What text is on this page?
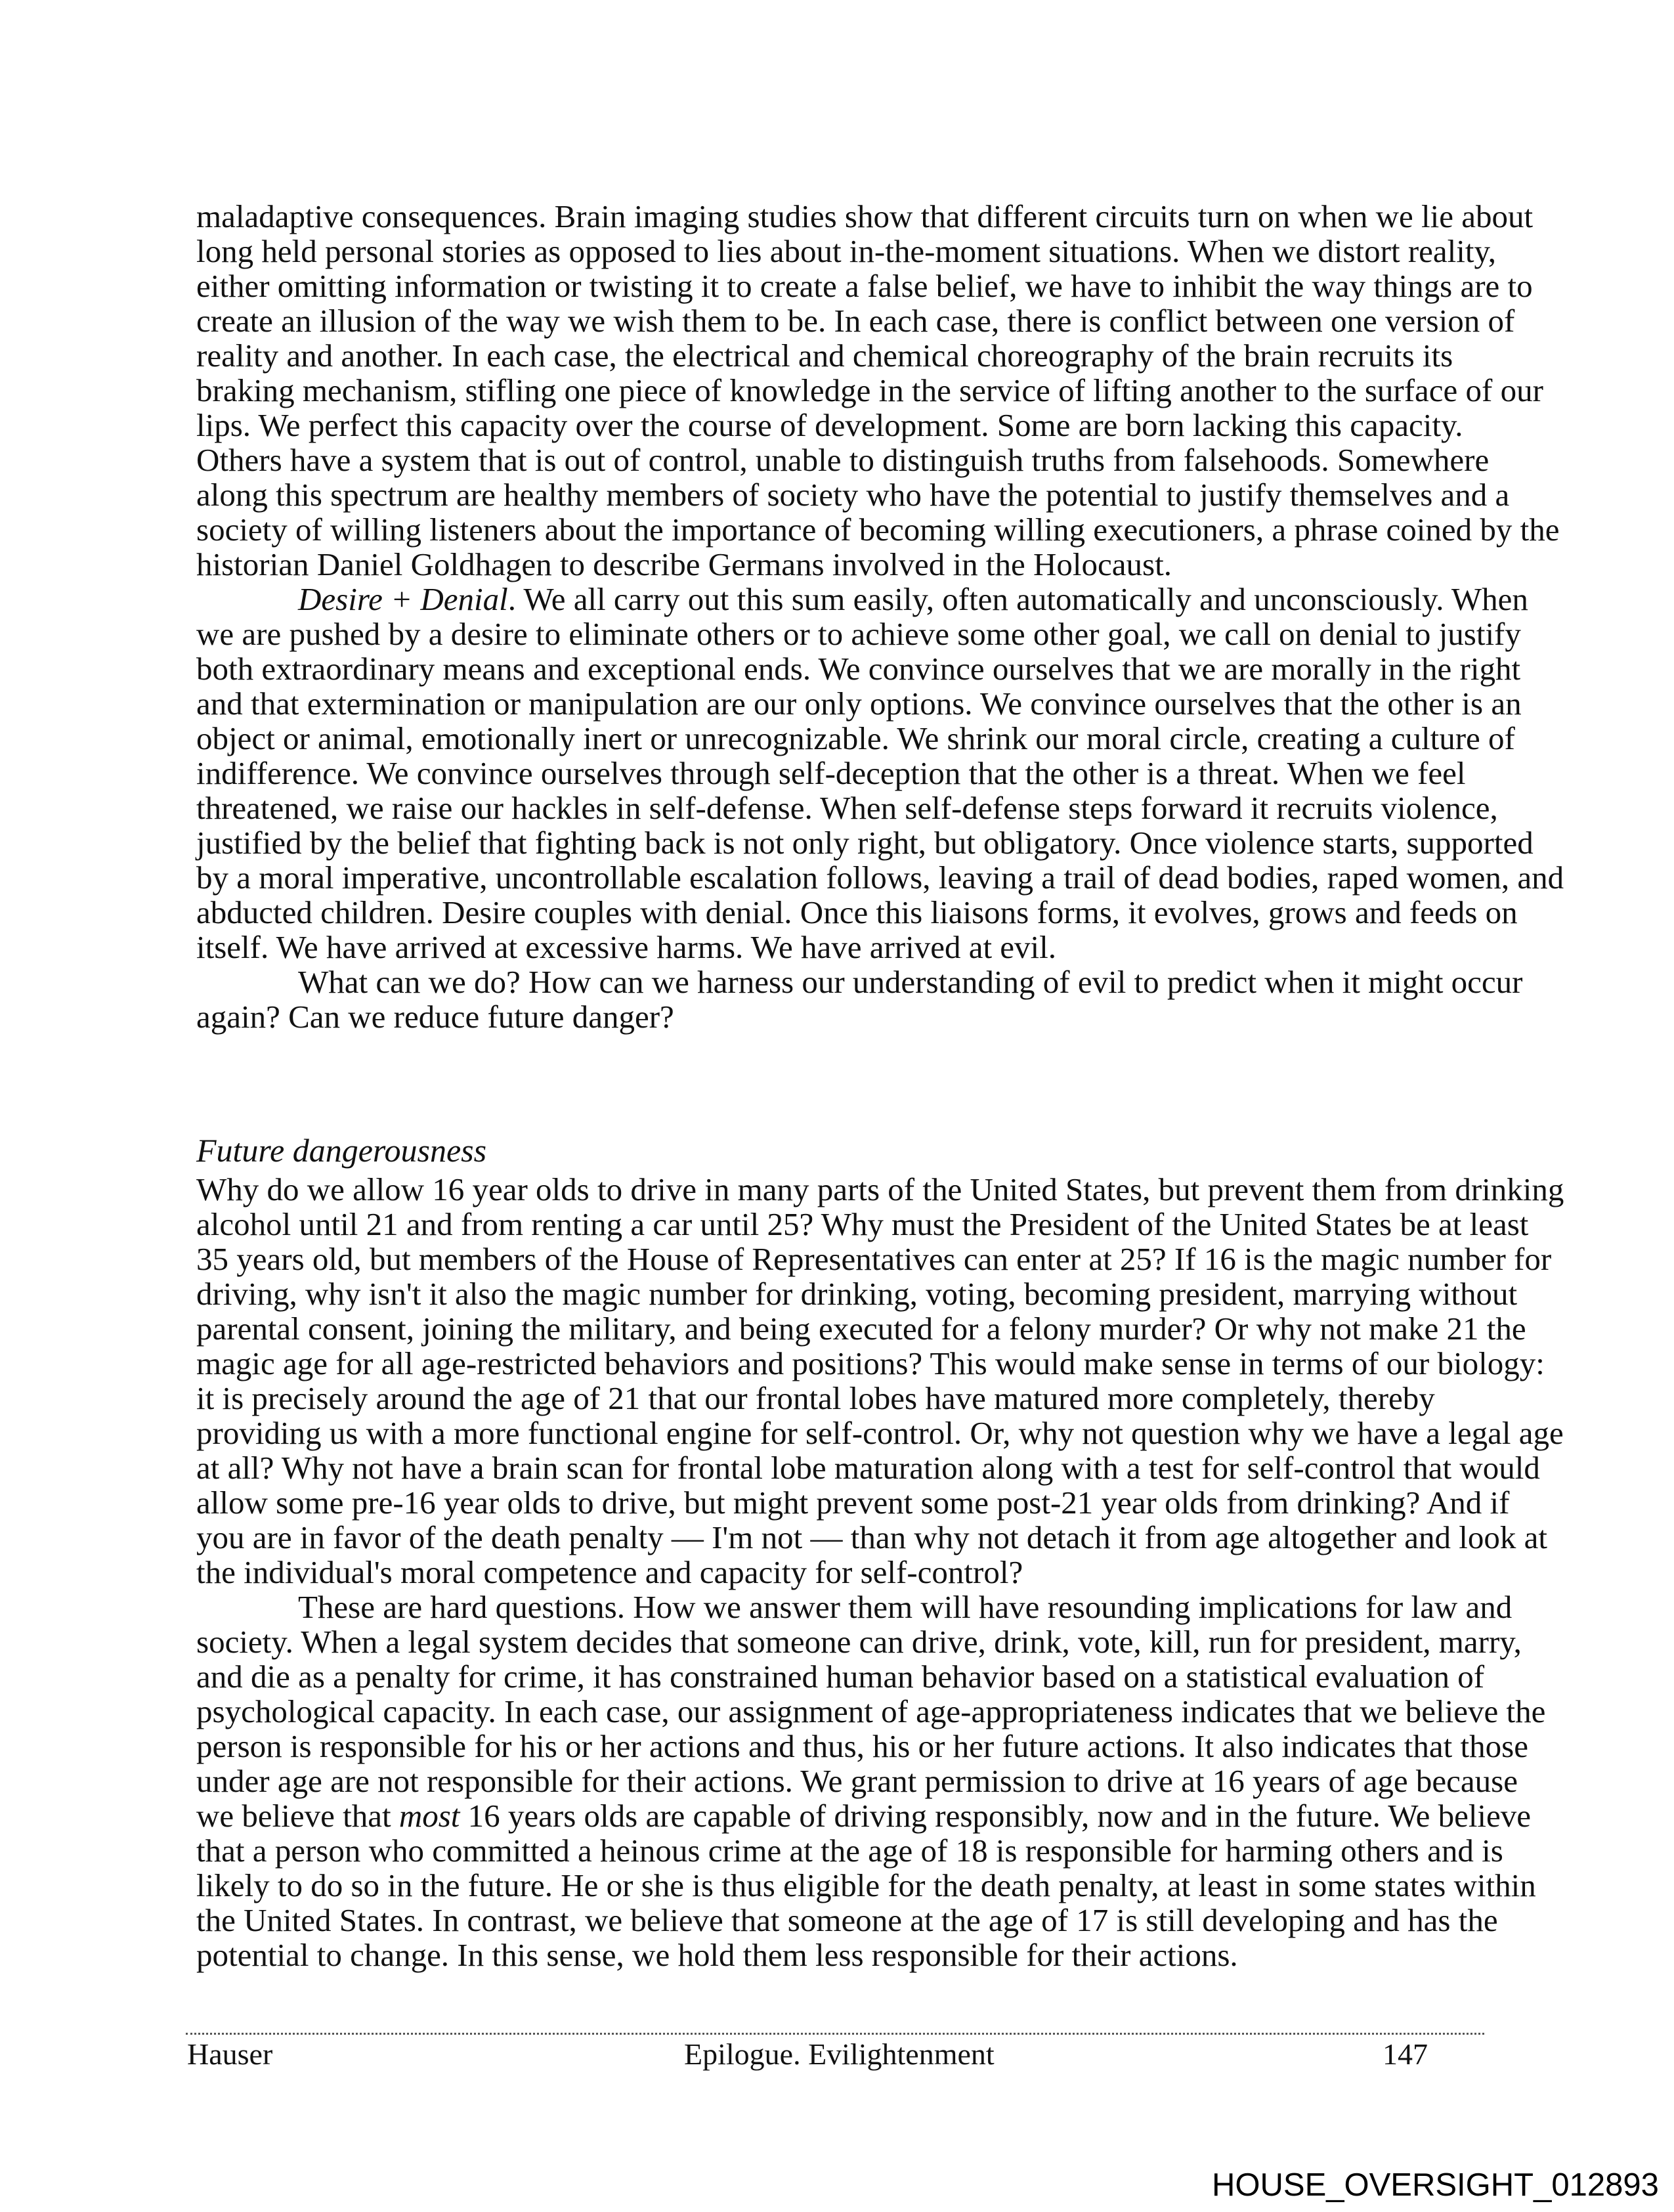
maladaptive consequences. Brain imaging studies show that different circuits turn on when we lie about
long held personal stories as opposed to lies about in-the-moment situations. When we distort reality,
either omitting information or twisting it to create a false belief, we have to inhibit the way things are to
create an illusion of the way we wish them to be. In each case, there is conflict between one version of
reality and another. In each case, the electrical and chemical choreography of the brain recruits its
braking mechanism, stifling one piece of knowledge in the service of lifting another to the surface of our
lips. We perfect this capacity over the course of development. Some are born lacking this capacity.
Others have a system that is out of control, unable to distinguish truths from falsehoods. Somewhere
along this spectrum are healthy members of society who have the potential to justify themselves and a
society of willing listeners about the importance of becoming willing executioners, a phrase coined by the
historian Daniel Goldhagen to describe Germans involved in the Holocaust.
Desire + Denial. We all carry out this sum easily, often automatically and unconsciously. When
we are pushed by a desire to eliminate others or to achieve some other goal, we call on denial to justify
both extraordinary means and exceptional ends. We convince ourselves that we are morally in the right
and that extermination or manipulation are our only options. We convince ourselves that the other is an
object or animal, emotionally inert or unrecognizable. We shrink our moral circle, creating a culture of
indifference. We convince ourselves through self-deception that the other is a threat. When we feel
threatened, we raise our hackles in self-defense. When self-defense steps forward it recruits violence,
justified by the belief that fighting back is not only right, but obligatory. Once violence starts, supported
by a moral imperative, uncontrollable escalation follows, leaving a trail of dead bodies, raped women, and
abducted children. Desire couples with denial. Once this liaisons forms, it evolves, grows and feeds on
itself. We have arrived at excessive harms. We have arrived at evil.
What can we do? How can we harness our understanding of evil to predict when it might occur
again? Can we reduce future danger?
Future dangerousness
Why do we allow 16 year olds to drive in many parts of the United States, but prevent them from drinking
alcohol until 21 and from renting a car until 25? Why must the President of the United States be at least
35 years old, but members of the House of Representatives can enter at 25? If 16 is the magic number for
driving, why isn't it also the magic number for drinking, voting, becoming president, marrying without
parental consent, joining the military, and being executed for a felony murder? Or why not make 21 the
magic age for all age-restricted behaviors and positions? This would make sense in terms of our biology:
it is precisely around the age of 21 that our frontal lobes have matured more completely, thereby
providing us with a more functional engine for self-control. Or, why not question why we have a legal age
at all? Why not have a brain scan for frontal lobe maturation along with a test for self-control that would
allow some pre-16 year olds to drive, but might prevent some post-21 year olds from drinking? And if
you are in favor of the death penalty — I'm not — than why not detach it from age altogether and look at
the individual's moral competence and capacity for self-control?
These are hard questions. How we answer them will have resounding implications for law and
society. When a legal system decides that someone can drive, drink, vote, kill, run for president, marry,
and die as a penalty for crime, it has constrained human behavior based on a statistical evaluation of
psychological capacity. In each case, our assignment of age-appropriateness indicates that we believe the
person is responsible for his or her actions and thus, his or her future actions. It also indicates that those
under age are not responsible for their actions. We grant permission to drive at 16 years of age because
we believe that most 16 years olds are capable of driving responsibly, now and in the future. We believe
that a person who committed a heinous crime at the age of 18 is responsible for harming others and is
likely to do so in the future. He or she is thus eligible for the death penalty, at least in some states within
the United States. In contrast, we believe that someone at the age of 17 is still developing and has the
potential to change. In this sense, we hold them less responsible for their actions.
Hauser	Epilogue. Evilightenment	147
HOUSE_OVERSIGHT_012893
